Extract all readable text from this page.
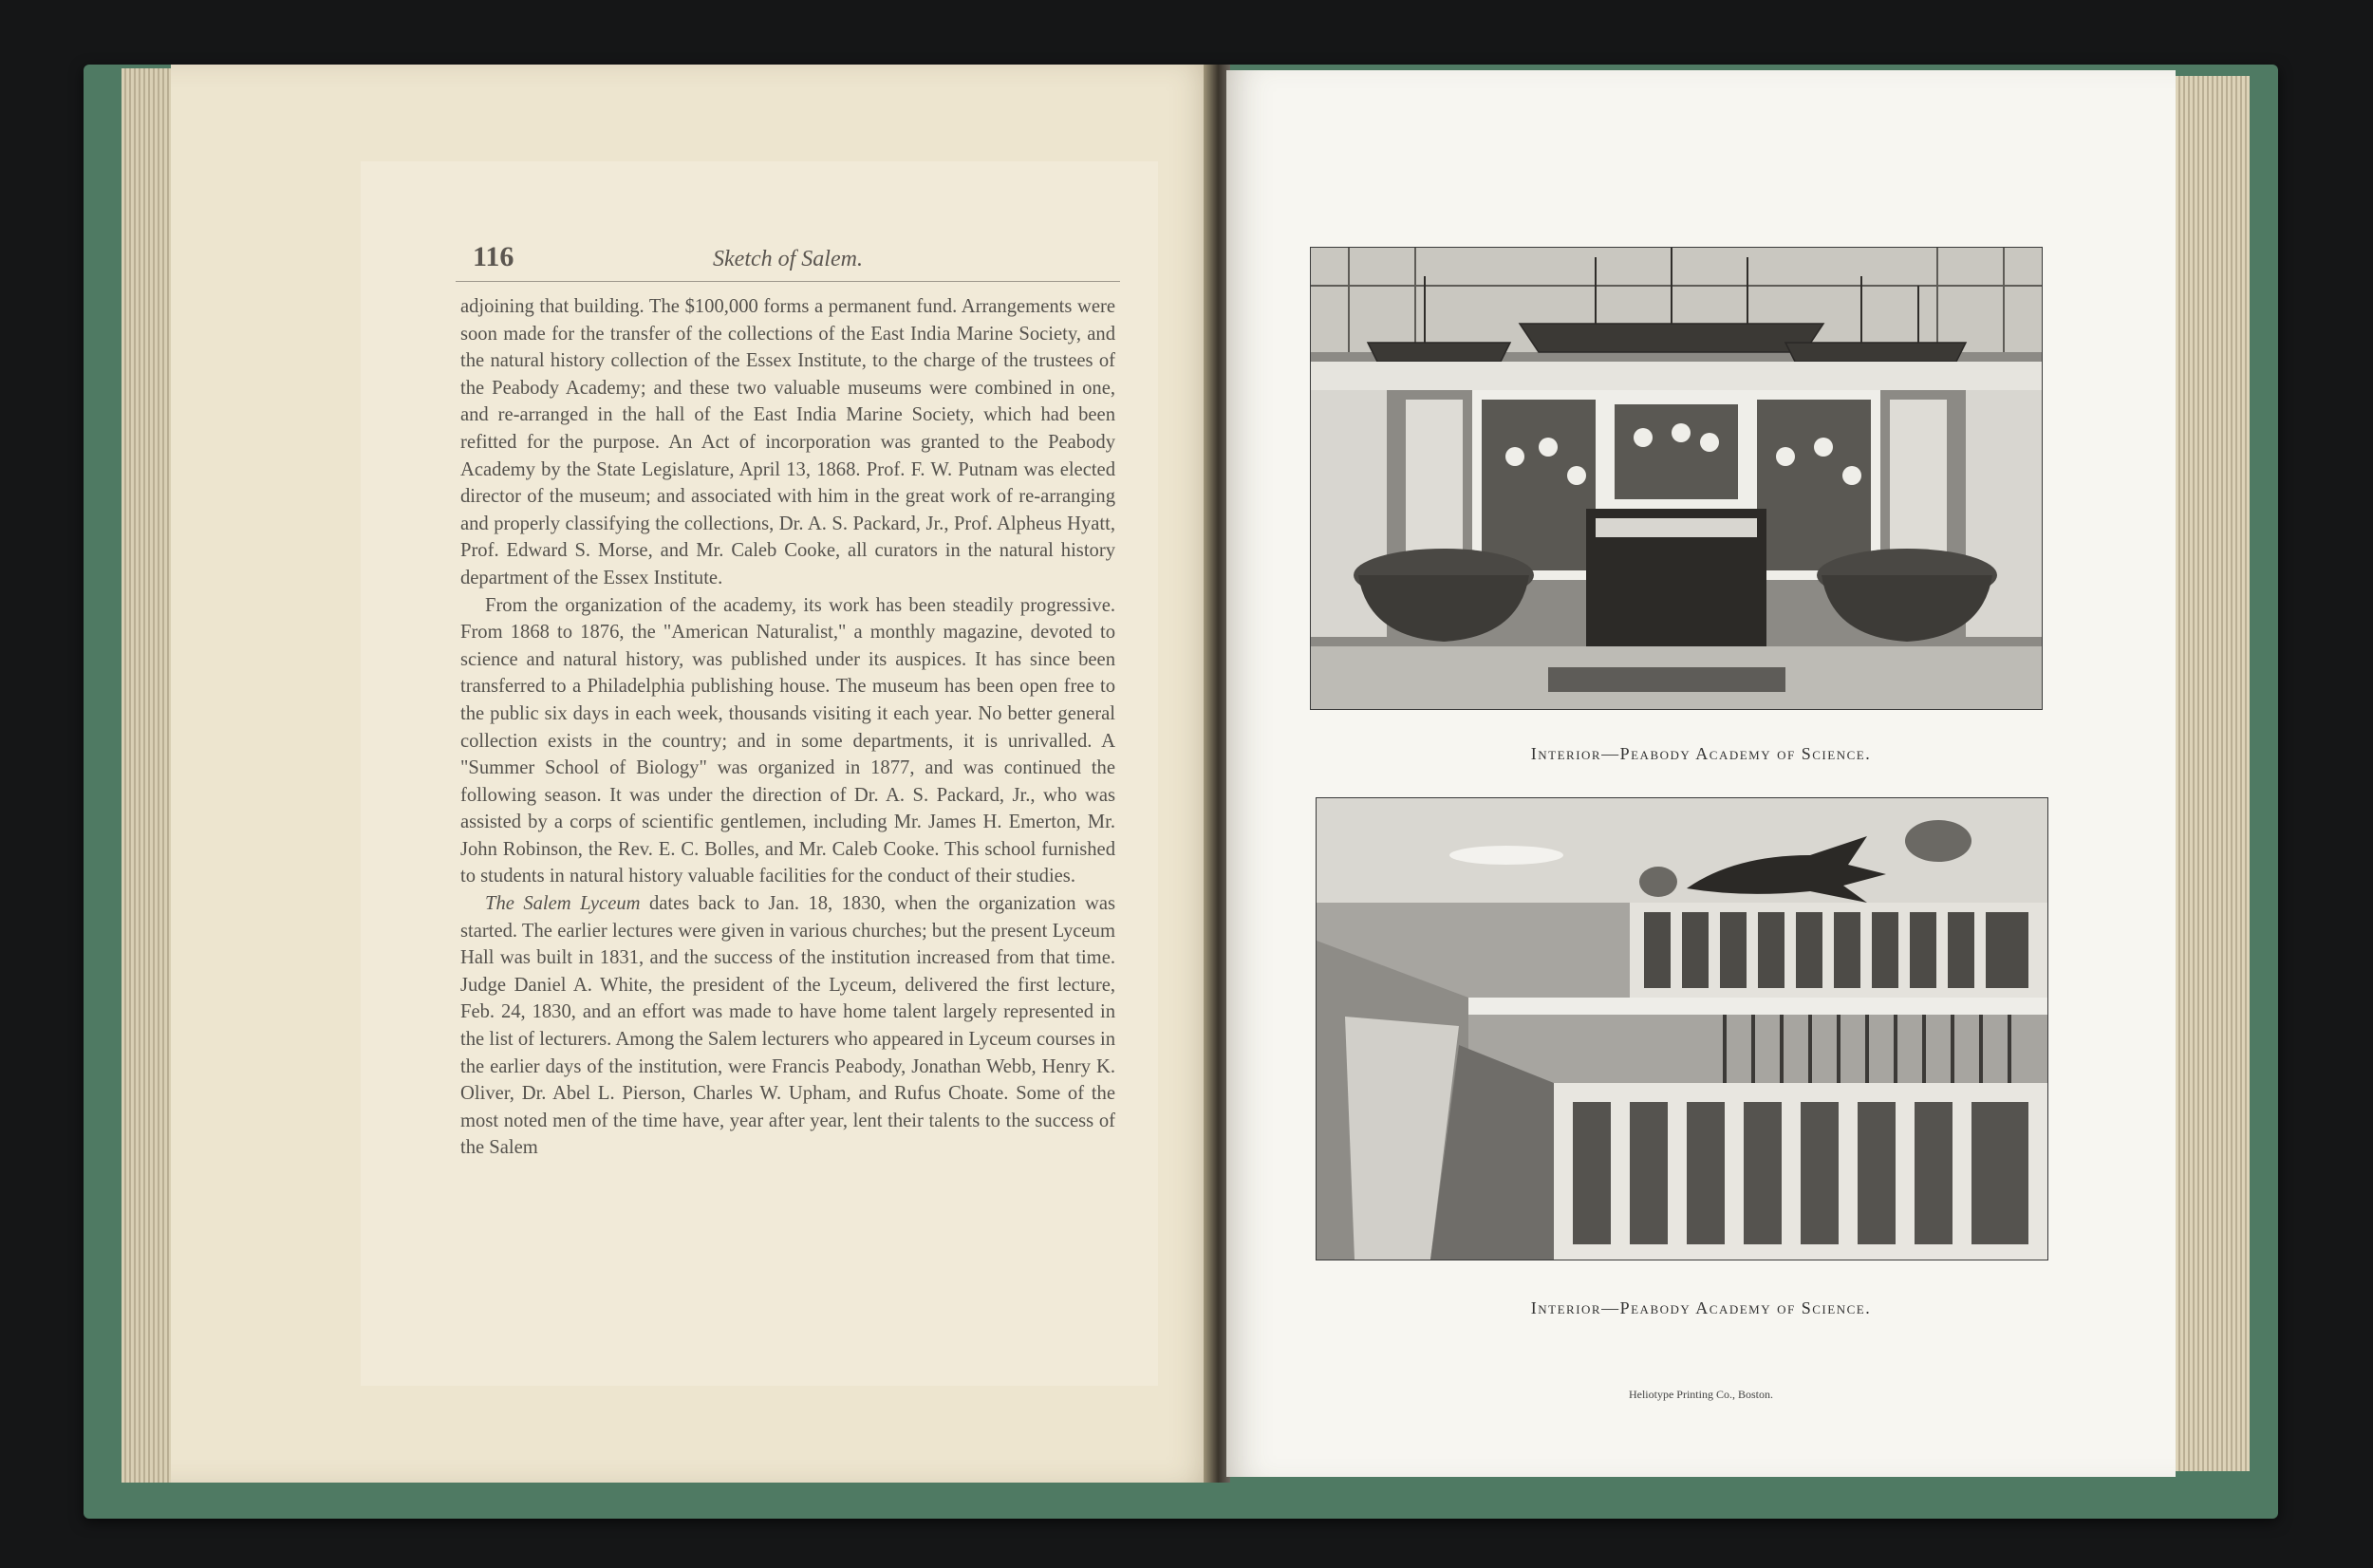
116	Sketch of Salem.

adjoining that building. The $100,000 forms a permanent fund. Arrangements were soon made for the transfer of the collections of the East India Marine Society, and the natural history collection of the Essex Institute, to the charge of the trustees of the Peabody Academy; and these two valuable museums were combined in one, and re-arranged in the hall of the East India Marine Society, which had been refitted for the purpose. An Act of incorporation was granted to the Peabody Academy by the State Legislature, April 13, 1868. Prof. F. W. Putnam was elected director of the museum; and associated with him in the great work of re-arranging and properly classifying the collections, Dr. A. S. Packard, Jr., Prof. Alpheus Hyatt, Prof. Edward S. Morse, and Mr. Caleb Cooke, all curators in the natural history department of the Essex Institute.

From the organization of the academy, its work has been steadily progressive. From 1868 to 1876, the "American Naturalist," a monthly magazine, devoted to science and natural history, was published under its auspices. It has since been transferred to a Philadelphia publishing house. The museum has been open free to the public six days in each week, thousands visiting it each year. No better general collection exists in the country; and in some departments, it is unrivalled. A "Summer School of Biology" was organized in 1877, and was continued the following season. It was under the direction of Dr. A. S. Packard, Jr., who was assisted by a corps of scientific gentlemen, including Mr. James H. Emerton, Mr. John Robinson, the Rev. E. C. Bolles, and Mr. Caleb Cooke. This school furnished to students in natural history valuable facilities for the conduct of their studies.

The Salem Lyceum dates back to Jan. 18, 1830, when the organization was started. The earlier lectures were given in various churches; but the present Lyceum Hall was built in 1831, and the success of the institution increased from that time. Judge Daniel A. White, the president of the Lyceum, delivered the first lecture, Feb. 24, 1830, and an effort was made to have home talent largely represented in the list of lecturers. Among the Salem lecturers who appeared in Lyceum courses in the earlier days of the institution, were Francis Peabody, Jonathan Webb, Henry K. Oliver, Dr. Abel L. Pierson, Charles W. Upham, and Rufus Choate. Some of the most noted men of the time have, year after year, lent their talents to the success of the Salem

Interior—Peabody Academy of Science.
Interior—Peabody Academy of Science.
Heliotype Printing Co., Boston.
